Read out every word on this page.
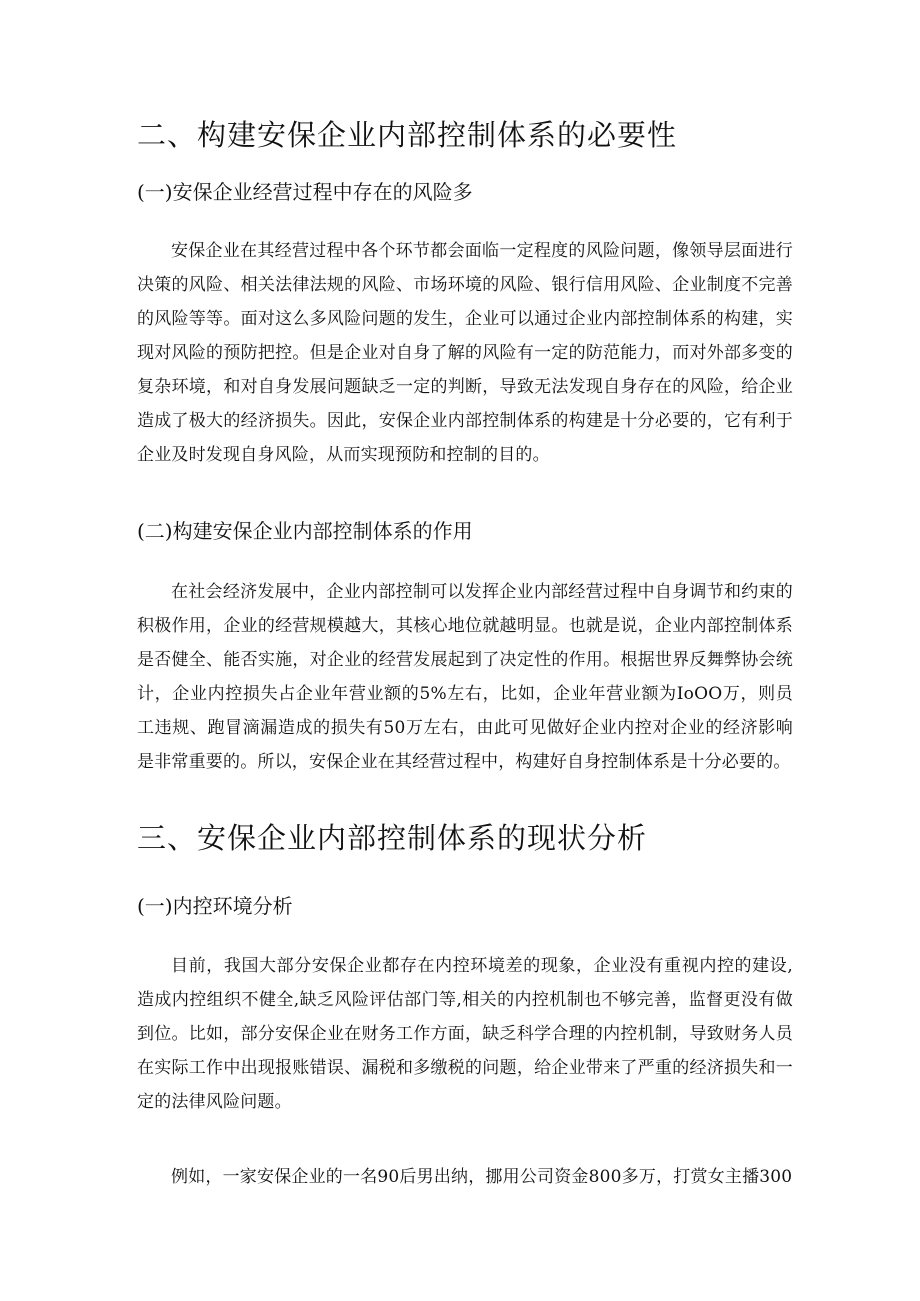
二、构建安保企业内部控制体系的必要性
(一)安保企业经营过程中存在的风险多

安保企业在其经营过程中各个环节都会面临一定程度的风险问题，像领导层面进行决策的风险、相关法律法规的风险、市场环境的风险、银行信用风险、企业制度不完善的风险等等。面对这么多风险问题的发生，企业可以通过企业内部控制体系的构建，实现对风险的预防把控。但是企业对自身了解的风险有一定的防范能力，而对外部多变的复杂环境，和对自身发展问题缺乏一定的判断，导致无法发现自身存在的风险，给企业造成了极大的经济损失。因此，安保企业内部控制体系的构建是十分必要的，它有利于企业及时发现自身风险，从而实现预防和控制的目的。

(二)构建安保企业内部控制体系的作用

在社会经济发展中，企业内部控制可以发挥企业内部经营过程中自身调节和约束的积极作用，企业的经营规模越大，其核心地位就越明显。也就是说，企业内部控制体系是否健全、能否实施，对企业的经营发展起到了决定性的作用。根据世界反舞弊协会统计，企业内控损失占企业年营业额的5%左右，比如，企业年营业额为IoOO万，则员工违规、跑冒滴漏造成的损失有50万左右，由此可见做好企业内控对企业的经济影响是非常重要的。所以，安保企业在其经营过程中，构建好自身控制体系是十分必要的。

三、安保企业内部控制体系的现状分析
(一)内控环境分析

目前，我国大部分安保企业都存在内控环境差的现象，企业没有重视内控的建设,造成内控组织不健全,缺乏风险评估部门等,相关的内控机制也不够完善，监督更没有做到位。比如，部分安保企业在财务工作方面，缺乏科学合理的内控机制，导致财务人员在实际工作中出现报账错误、漏税和多缴税的问题，给企业带来了严重的经济损失和一定的法律风险问题。

例如，一家安保企业的一名90后男出纳，挪用公司资金800多万，打赏女主播300
